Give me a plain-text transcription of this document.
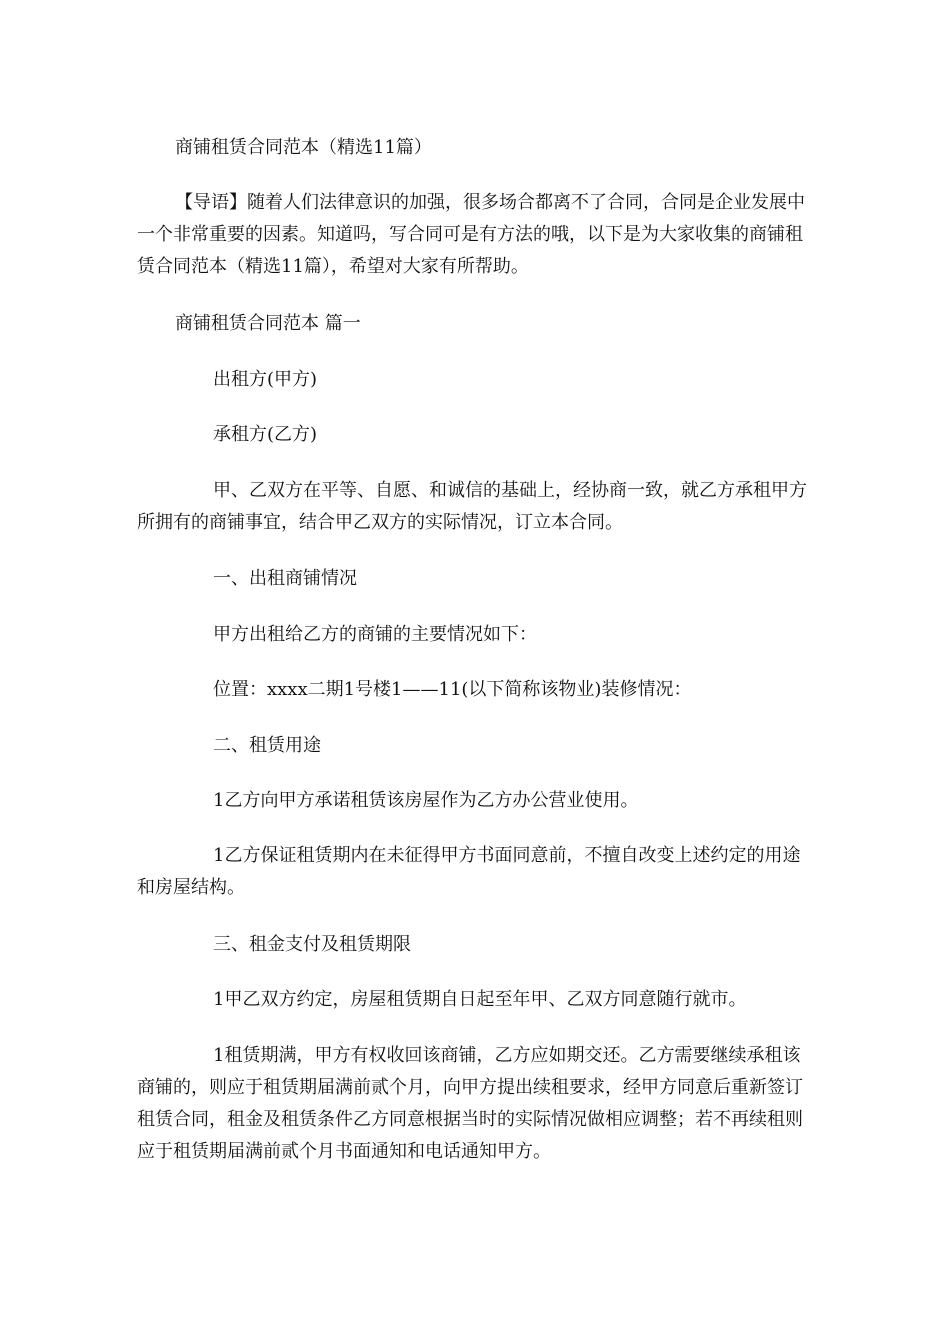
商铺租赁合同范本（精选11篇）

【导语】随着人们法律意识的加强，很多场合都离不了合同，合同是企业发展中一个非常重要的因素。知道吗，写合同可是有方法的哦，以下是为大家收集的商铺租赁合同范本（精选11篇），希望对大家有所帮助。

商铺租赁合同范本 篇一

出租方(甲方)

承租方(乙方)

甲、乙双方在平等、自愿、和诚信的基础上，经协商一致，就乙方承租甲方所拥有的商铺事宜，结合甲乙双方的实际情况，订立本合同。

一、出租商铺情况

甲方出租给乙方的商铺的主要情况如下：

位置：xxxx二期1号楼1——11(以下简称该物业)装修情况：

二、租赁用途

1乙方向甲方承诺租赁该房屋作为乙方办公营业使用。

1乙方保证租赁期内在未征得甲方书面同意前，不擅自改变上述约定的用途和房屋结构。

三、租金支付及租赁期限

1甲乙双方约定，房屋租赁期自日起至年甲、乙双方同意随行就市。

1租赁期满，甲方有权收回该商铺，乙方应如期交还。乙方需要继续承租该商铺的，则应于租赁期届满前贰个月，向甲方提出续租要求，经甲方同意后重新签订租赁合同，租金及租赁条件乙方同意根据当时的实际情况做相应调整；若不再续租则应于租赁期届满前贰个月书面通知和电话通知甲方。
